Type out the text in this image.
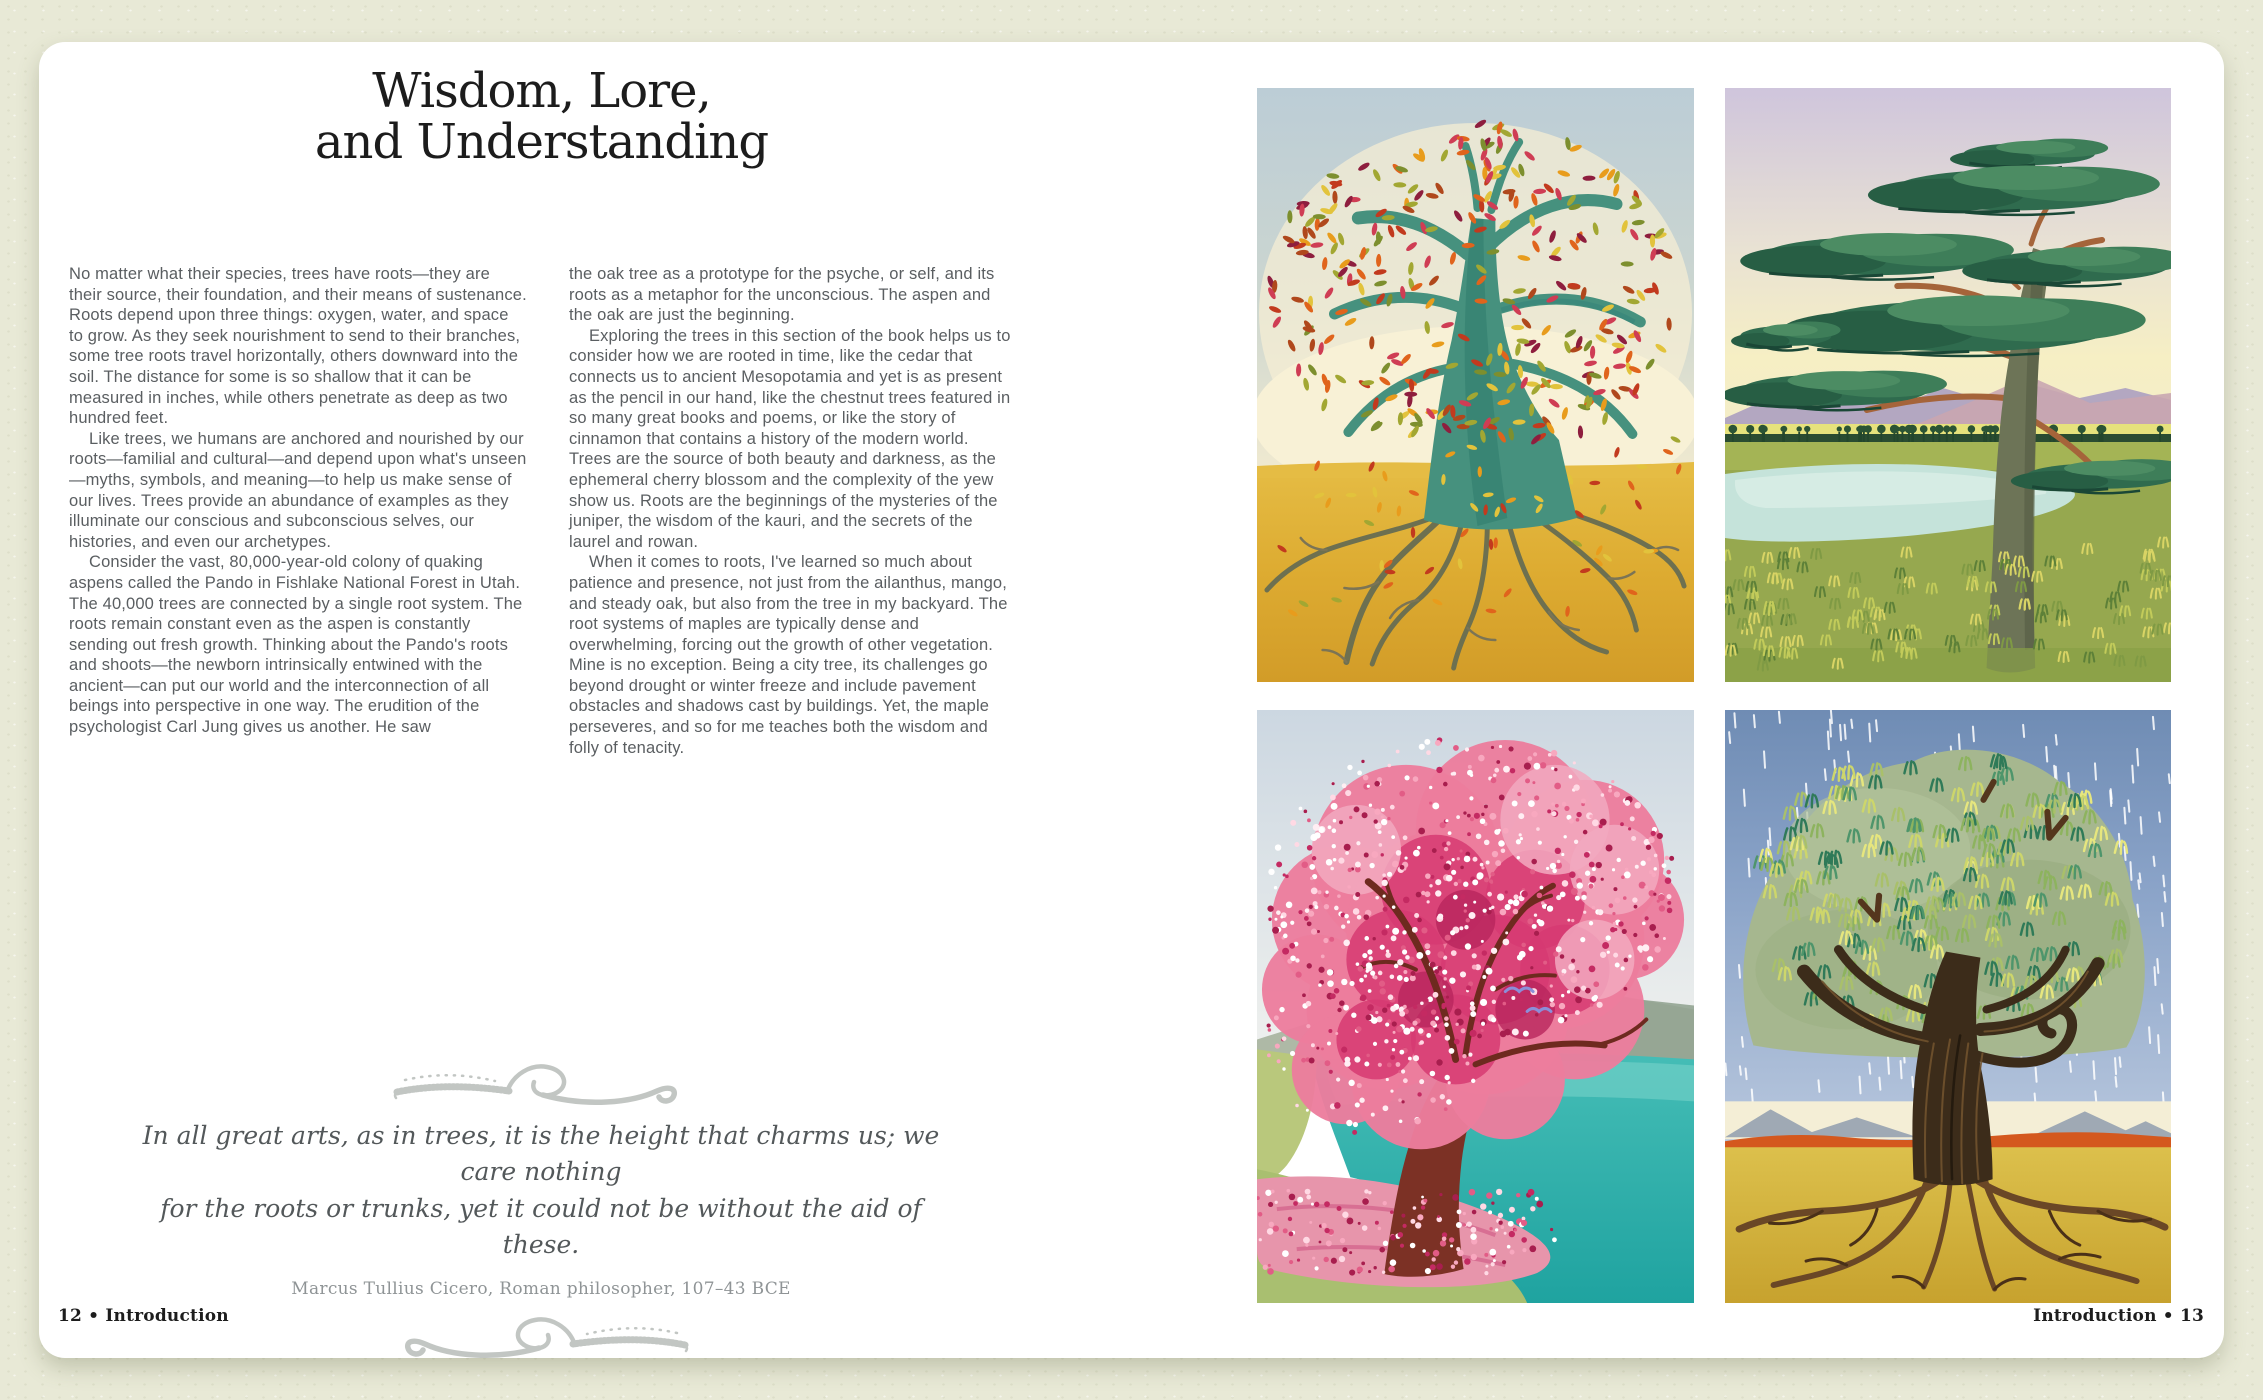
Wisdom, Lore,
and Understanding

No matter what their species, trees have roots—they are their source, their foundation, and their means of sustenance. Roots depend upon three things: oxygen, water, and space to grow. As they seek nourishment to send to their branches, some tree roots travel horizontally, others downward into the soil. The distance for some is so shallow that it can be measured in inches, while others penetrate as deep as two hundred feet.

Like trees, we humans are anchored and nourished by our roots—familial and cultural—and depend upon what's unseen—myths, symbols, and meaning—to help us make sense of our lives. Trees provide an abundance of examples as they illuminate our conscious and subconscious selves, our histories, and even our archetypes.

Consider the vast, 80,000-year-old colony of quaking aspens called the Pando in Fishlake National Forest in Utah. The 40,000 trees are connected by a single root system. The roots remain constant even as the aspen is constantly sending out fresh growth. Thinking about the Pando's roots and shoots—the newborn intrinsically entwined with the ancient—can put our world and the interconnection of all beings into perspective in one way. The erudition of the psychologist Carl Jung gives us another. He saw

the oak tree as a prototype for the psyche, or self, and its roots as a metaphor for the unconscious. The aspen and the oak are just the beginning.

Exploring the trees in this section of the book helps us to consider how we are rooted in time, like the cedar that connects us to ancient Mesopotamia and yet is as present as the pencil in our hand, like the chestnut trees featured in so many great books and poems, or like the story of cinnamon that contains a history of the modern world. Trees are the source of both beauty and darkness, as the ephemeral cherry blossom and the complexity of the yew show us. Roots are the beginnings of the mysteries of the juniper, the wisdom of the kauri, and the secrets of the laurel and rowan.

When it comes to roots, I've learned so much about patience and presence, not just from the ailanthus, mango, and steady oak, but also from the tree in my backyard. The root systems of maples are typically dense and overwhelming, forcing out the growth of other vegetation. Mine is no exception. Being a city tree, its challenges go beyond drought or winter freeze and include pavement obstacles and shadows cast by buildings. Yet, the maple perseveres, and so for me teaches both the wisdom and folly of tenacity.

In all great arts, as in trees, it is the height that charms us; we care nothing
for the roots or trunks, yet it could not be without the aid of these.
Marcus Tullius Cicero, Roman philosopher, 107–43 BCE
12 • Introduction	Introduction • 13
